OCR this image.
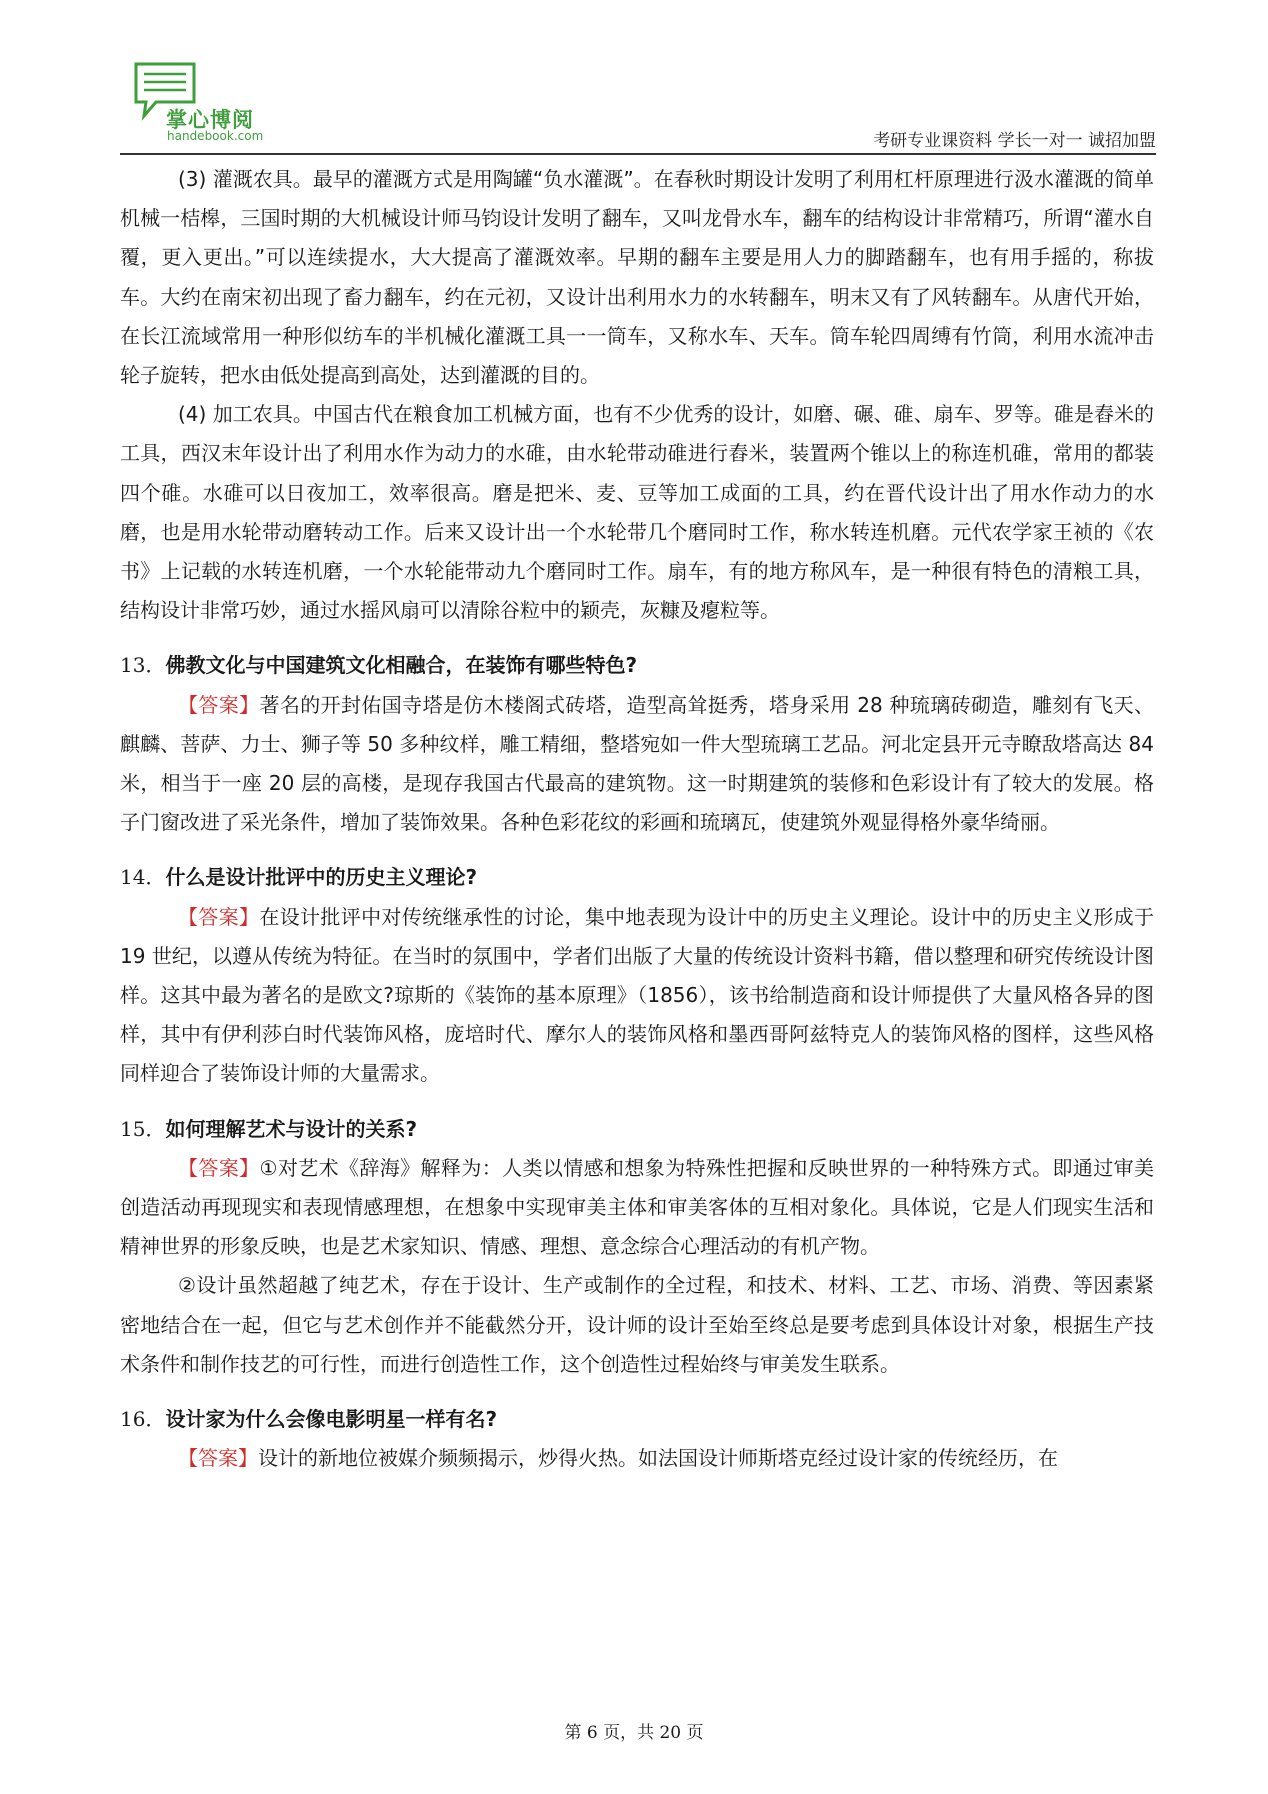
掌心博阅
handebook.com	考研专业课资料 学长一对一 诚招加盟

(3) 灌溉农具。最早的灌溉方式是用陶罐“负水灌溉”。在春秋时期设计发明了利用杠杆原理进行汲水灌溉的简单机械一桔槔，三国时期的大机械设计师马钧设计发明了翻车，又叫龙骨水车，翻车的结构设计非常精巧，所谓“灌水自覆，更入更出。”可以连续提水，大大提高了灌溉效率。早期的翻车主要是用人力的脚踏翻车，也有用手摇的，称拔车。大约在南宋初出现了畜力翻车，约在元初，又设计出利用水力的水转翻车，明末又有了风转翻车。从唐代开始，在长江流域常用一种形似纺车的半机械化灌溉工具一一筒车，又称水车、天车。筒车轮四周缚有竹筒，利用水流冲击轮子旋转，把水由低处提高到高处，达到灌溉的目的。

(4) 加工农具。中国古代在粮食加工机械方面，也有不少优秀的设计，如磨、碾、碓、扇车、罗等。碓是舂米的工具，西汉末年设计出了利用水作为动力的水碓，由水轮带动碓进行舂米，装置两个锥以上的称连机碓，常用的都装四个碓。水碓可以日夜加工，效率很高。磨是把米、麦、豆等加工成面的工具，约在晋代设计出了用水作动力的水磨，也是用水轮带动磨转动工作。后来又设计出一个水轮带几个磨同时工作，称水转连机磨。元代农学家王祯的《农书》上记载的水转连机磨，一个水轮能带动九个磨同时工作。扇车，有的地方称风车，是一种很有特色的清粮工具，结构设计非常巧妙，通过水摇风扇可以清除谷粒中的颖壳，灰糠及瘪粒等。

13．佛教文化与中国建筑文化相融合，在装饰有哪些特色?

【答案】著名的开封佑国寺塔是仿木楼阁式砖塔，造型高耸挺秀，塔身采用 28 种琉璃砖砌造，雕刻有飞天、麒麟、菩萨、力士、狮子等 50 多种纹样，雕工精细，整塔宛如一件大型琉璃工艺品。河北定县开元寺瞭敌塔高达 84 米，相当于一座 20 层的高楼，是现存我国古代最高的建筑物。这一时期建筑的装修和色彩设计有了较大的发展。格子门窗改进了采光条件，增加了装饰效果。各种色彩花纹的彩画和琉璃瓦，使建筑外观显得格外豪华绮丽。

14．什么是设计批评中的历史主义理论?

【答案】在设计批评中对传统继承性的讨论，集中地表现为设计中的历史主义理论。设计中的历史主义形成于 19 世纪，以遵从传统为特征。在当时的氛围中，学者们出版了大量的传统设计资料书籍，借以整理和研究传统设计图样。这其中最为著名的是欧文?琼斯的《装饰的基本原理》（1856），该书给制造商和设计师提供了大量风格各异的图样，其中有伊利莎白时代装饰风格，庞培时代、摩尔人的装饰风格和墨西哥阿兹特克人的装饰风格的图样，这些风格同样迎合了装饰设计师的大量需求。

15．如何理解艺术与设计的关系?

【答案】①对艺术《辞海》解释为：人类以情感和想象为特殊性把握和反映世界的一种特殊方式。即通过审美创造活动再现现实和表现情感理想，在想象中实现审美主体和审美客体的互相对象化。具体说，它是人们现实生活和精神世界的形象反映，也是艺术家知识、情感、理想、意念综合心理活动的有机产物。

②设计虽然超越了纯艺术，存在于设计、生产或制作的全过程，和技术、材料、工艺、市场、消费、等因素紧密地结合在一起，但它与艺术创作并不能截然分开，设计师的设计至始至终总是要考虑到具体设计对象，根据生产技术条件和制作技艺的可行性，而进行创造性工作，这个创造性过程始终与审美发生联系。

16．设计家为什么会像电影明星一样有名?

【答案】设计的新地位被媒介频频揭示，炒得火热。如法国设计师斯塔克经过设计家的传统经历，在

第 6 页，共 20 页
